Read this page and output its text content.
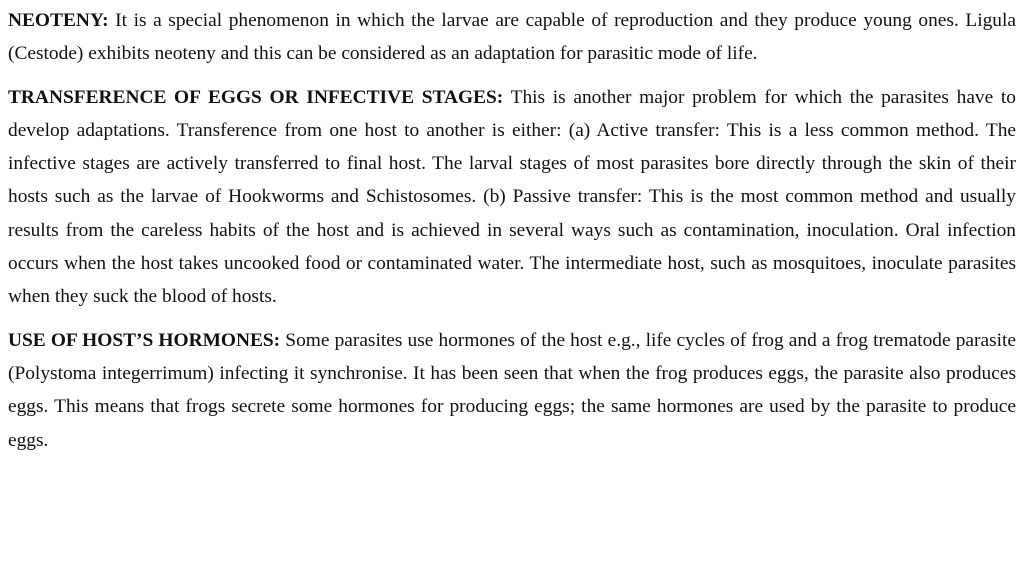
NEOTENY: It is a special phenomenon in which the larvae are capable of reproduction and they produce young ones. Ligula (Cestode) exhibits neoteny and this can be considered as an adaptation for parasitic mode of life.

TRANSFERENCE OF EGGS OR INFECTIVE STAGES: This is another major problem for which the parasites have to develop adaptations. Transference from one host to another is either: (a) Active transfer: This is a less common method. The infective stages are actively transferred to final host. The larval stages of most parasites bore directly through the skin of their hosts such as the larvae of Hookworms and Schistosomes. (b) Passive transfer: This is the most common method and usually results from the careless habits of the host and is achieved in several ways such as contamination, inoculation. Oral infection occurs when the host takes uncooked food or contaminated water. The intermediate host, such as mosquitoes, inoculate parasites when they suck the blood of hosts.

USE OF HOST’S HORMONES: Some parasites use hormones of the host e.g., life cycles of frog and a frog trematode parasite (Polystoma integerrimum) infecting it synchronise. It has been seen that when the frog produces eggs, the parasite also produces eggs. This means that frogs secrete some hormones for producing eggs; the same hormones are used by the parasite to produce eggs.
